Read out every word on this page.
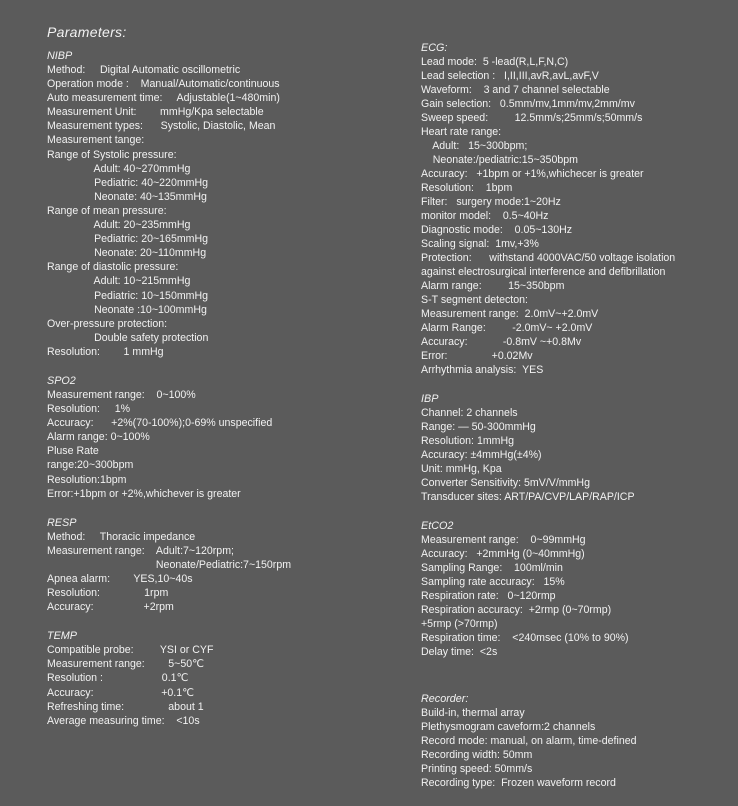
Parameters:
NIBP
Method:     Digital Automatic oscillometric
Operation mode :    Manual/Automatic/continuous
Auto measurement time:     Adjustable(1~480min)
Measurement Unit:        mmHg/Kpa selectable
Measurement types:      Systolic, Diastolic, Mean
Measurement tange:
Range of Systolic pressure:
Adult: 40~270mmHg
Pediatric: 40~220mmHg
Neonate: 40~135mmHg
Range of mean pressure:
Adult: 20~235mmHg
Pediatric: 20~165mmHg
Neonate: 20~110mmHg
Range of diastolic pressure:
Adult: 10~215mmHg
Pediatric: 10~150mmHg
Neonate :10~100mmHg
Over-pressure protection:
Double safety protection
Resolution:        1 mmHg
SPO2
Measurement range:    0~100%
Resolution:     1%
Accuracy:      +2%(70-100%);0-69% unspecified
Alarm range: 0~100%
Pluse Rate
range:20~300bpm
Resolution:1bpm
Error:+1bpm or +2%,whichever is greater
RESP
Method:     Thoracic impedance
Measurement range:    Adult:7~120rpm;
Neonate/Pediatric:7~150rpm
Apnea alarm:        YES,10~40s
Resolution:               1rpm
Accuracy:                 +2rpm
TEMP
Compatible probe:         YSI or CYF
Measurement range:        5~50℃
Resolution :                    0.1℃
Accuracy:                       +0.1℃
Refreshing time:               about 1
Average measuring time:    <10s
ECG:
Lead mode:  5 -lead(R,L,F,N,C)
Lead selection :   I,II,III,avR,avL,avF,V
Waveform:    3 and 7 channel selectable
Gain selection:   0.5mm/mv,1mm/mv,2mm/mv
Sweep speed:         12.5mm/s;25mm/s;50mm/s
Heart rate range:
Adult:   15~300bpm;
Neonate:/pediatric:15~350bpm
Accuracy:   +1bpm or +1%,whichecer is greater
Resolution:    1bpm
Filter:   surgery mode:1~20Hz
monitor model:    0.5~40Hz
Diagnostic mode:    0.05~130Hz
Scaling signal:  1mv,+3%
Protection:      withstand 4000VAC/50 voltage isolation
against electrosurgical interference and defibrillation
Alarm range:         15~350bpm
S-T segment detecton:
Measurement range:  2.0mV~+2.0mV
Alarm Range:         -2.0mV~ +2.0mV
Accuracy:            -0.8mV ~+0.8Mv
Error:               +0.02Mv
Arrhythmia analysis:  YES
IBP
Channel: 2 channels
Range: — 50-300mmHg
Resolution: 1mmHg
Accuracy: ±4mmHg(±4%)
Unit: mmHg, Kpa
Converter Sensitivity: 5mV/V/mmHg
Transducer sites: ART/PA/CVP/LAP/RAP/ICP
EtCO2
Measurement range:    0~99mmHg
Accuracy:   +2mmHg (0~40mmHg)
Sampling Range:    100ml/min
Sampling rate accuracy:   15%
Respiration rate:   0~120rmp
Respiration accuracy:  +2rmp (0~70rmp)
+5rmp (>70rmp)
Respiration time:    <240msec (10% to 90%)
Delay time:  <2s
Recorder:
Build-in, thermal array
Plethysmogram caveform:2 channels
Record mode: manual, on alarm, time-defined
Recording width: 50mm
Printing speed: 50mm/s
Recording type:  Frozen waveform record
